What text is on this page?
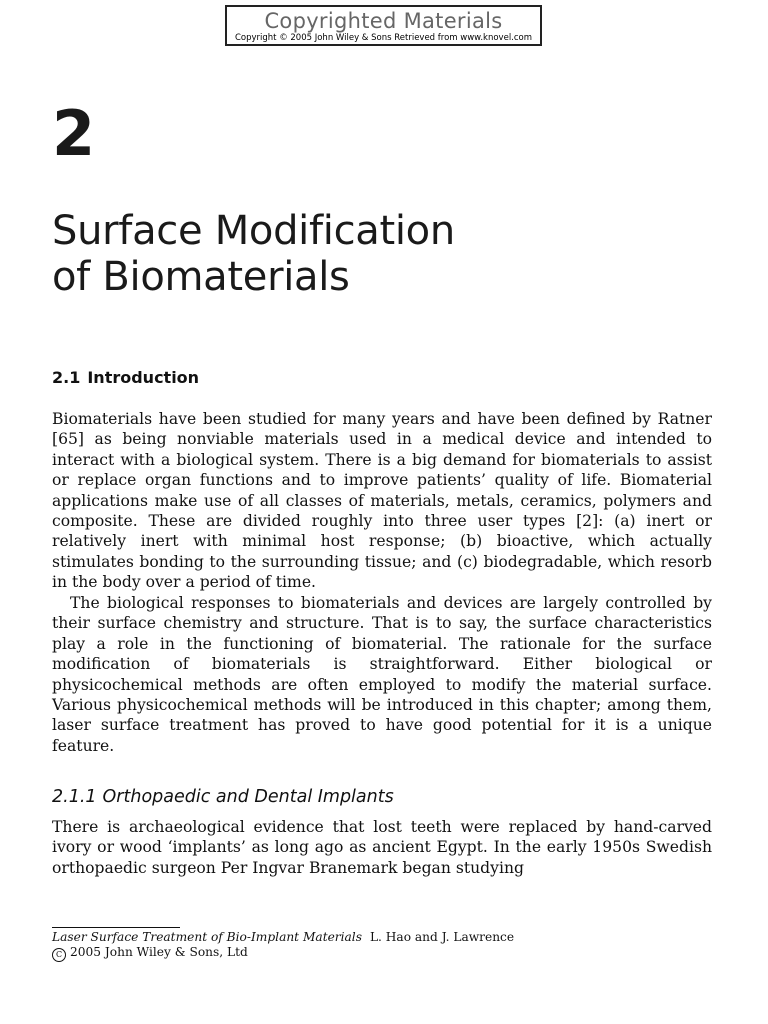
Copyrighted Materials
Copyright © 2005 John Wiley & Sons Retrieved from www.knovel.com
2
Surface Modification
of Biomaterials
2.1 Introduction

Biomaterials have been studied for many years and have been defined by Ratner [65] as being nonviable materials used in a medical device and intended to interact with a biological system. There is a big demand for biomaterials to assist or replace organ functions and to improve patients’ quality of life. Biomaterial applications make use of all classes of materials, metals, ceramics, polymers and composite. These are divided roughly into three user types [2]: (a) inert or relatively inert with minimal host response; (b) bioactive, which actually stimulates bonding to the surrounding tissue; and (c) biodegradable, which resorb in the body over a period of time.

The biological responses to biomaterials and devices are largely controlled by their surface chemistry and structure. That is to say, the surface characteristics play a role in the functioning of biomaterial. The rationale for the surface modification of biomaterials is straightforward. Either biological or physicochemical methods are often employed to modify the material surface. Various physicochemical methods will be introduced in this chapter; among them, laser surface treatment has proved to have good potential for it is a unique feature.

2.1.1 Orthopaedic and Dental Implants

There is archaeological evidence that lost teeth were replaced by hand-carved ivory or wood ‘implants’ as long ago as ancient Egypt. In the early 1950s Swedish orthopaedic surgeon Per Ingvar Branemark began studying

Laser Surface Treatment of Bio-Implant Materials L. Hao and J. Lawrence
C 2005 John Wiley & Sons, Ltd
